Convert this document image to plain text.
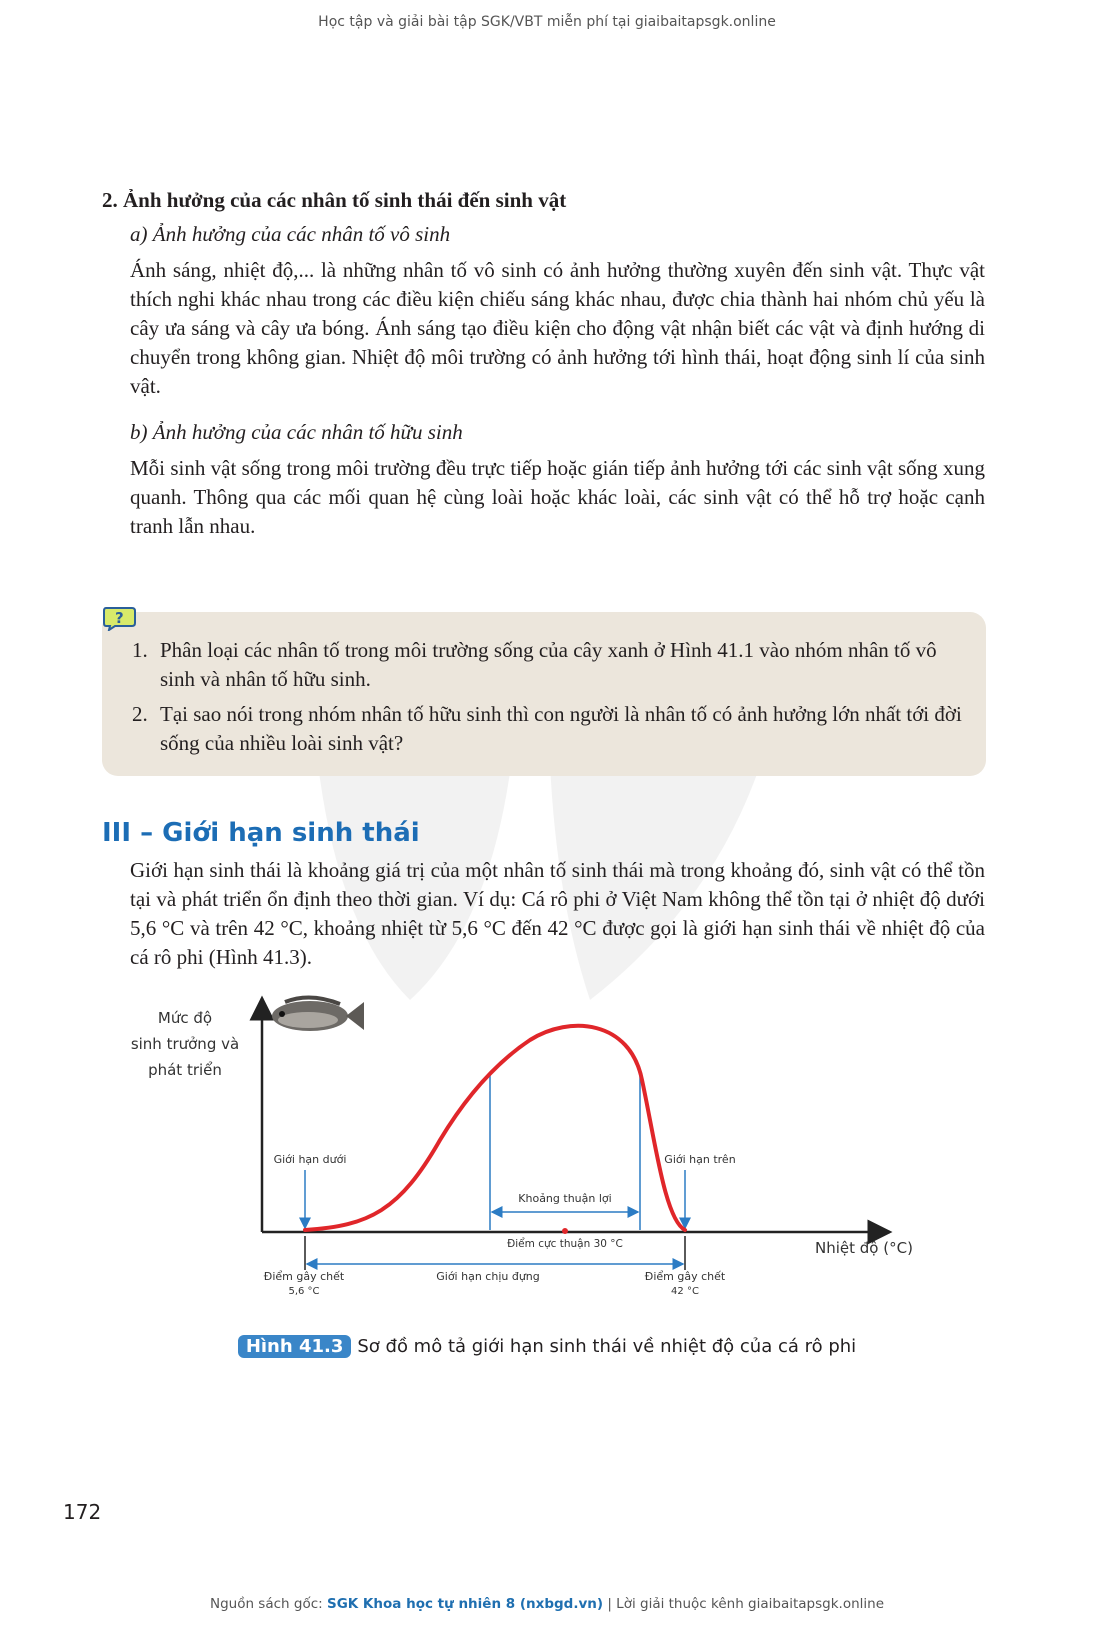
Học tập và giải bài tập SGK/VBT miễn phí tại giaibaitapsgk.online
2. Ảnh hưởng của các nhân tố sinh thái đến sinh vật
a) Ảnh hưởng của các nhân tố vô sinh
Ánh sáng, nhiệt độ,... là những nhân tố vô sinh có ảnh hưởng thường xuyên đến sinh vật. Thực vật thích nghi khác nhau trong các điều kiện chiếu sáng khác nhau, được chia thành hai nhóm chủ yếu là cây ưa sáng và cây ưa bóng. Ánh sáng tạo điều kiện cho động vật nhận biết các vật và định hướng di chuyển trong không gian. Nhiệt độ môi trường có ảnh hưởng tới hình thái, hoạt động sinh lí của sinh vật.
b) Ảnh hưởng của các nhân tố hữu sinh
Mỗi sinh vật sống trong môi trường đều trực tiếp hoặc gián tiếp ảnh hưởng tới các sinh vật sống xung quanh. Thông qua các mối quan hệ cùng loài hoặc khác loài, các sinh vật có thể hỗ trợ hoặc cạnh tranh lẫn nhau.
?
1. Phân loại các nhân tố trong môi trường sống của cây xanh ở Hình 41.1 vào nhóm nhân tố vô sinh và nhân tố hữu sinh.
2. Tại sao nói trong nhóm nhân tố hữu sinh thì con người là nhân tố có ảnh hưởng lớn nhất tới đời sống của nhiều loài sinh vật?
III – Giới hạn sinh thái
Giới hạn sinh thái là khoảng giá trị của một nhân tố sinh thái mà trong khoảng đó, sinh vật có thể tồn tại và phát triển ổn định theo thời gian. Ví dụ: Cá rô phi ở Việt Nam không thể tồn tại ở nhiệt độ dưới 5,6 °C và trên 42 °C, khoảng nhiệt từ 5,6 °C đến 42 °C được gọi là giới hạn sinh thái về nhiệt độ của cá rô phi (Hình 41.3).
Mức độ
sinh trưởng và
phát triển
Nhiệt độ (°C)
Khoảng thuận lợi
Giới hạn dưới	Giới hạn trên
Điểm cực thuận 30 °C
Giới hạn chịu đựng
Điểm gây chết
5,6 °C
Điểm gây chết
42 °C
Hình 41.3 Sơ đồ mô tả giới hạn sinh thái về nhiệt độ của cá rô phi
172
Nguồn sách gốc: SGK Khoa học tự nhiên 8 (nxbgd.vn) | Lời giải thuộc kênh giaibaitapsgk.online
